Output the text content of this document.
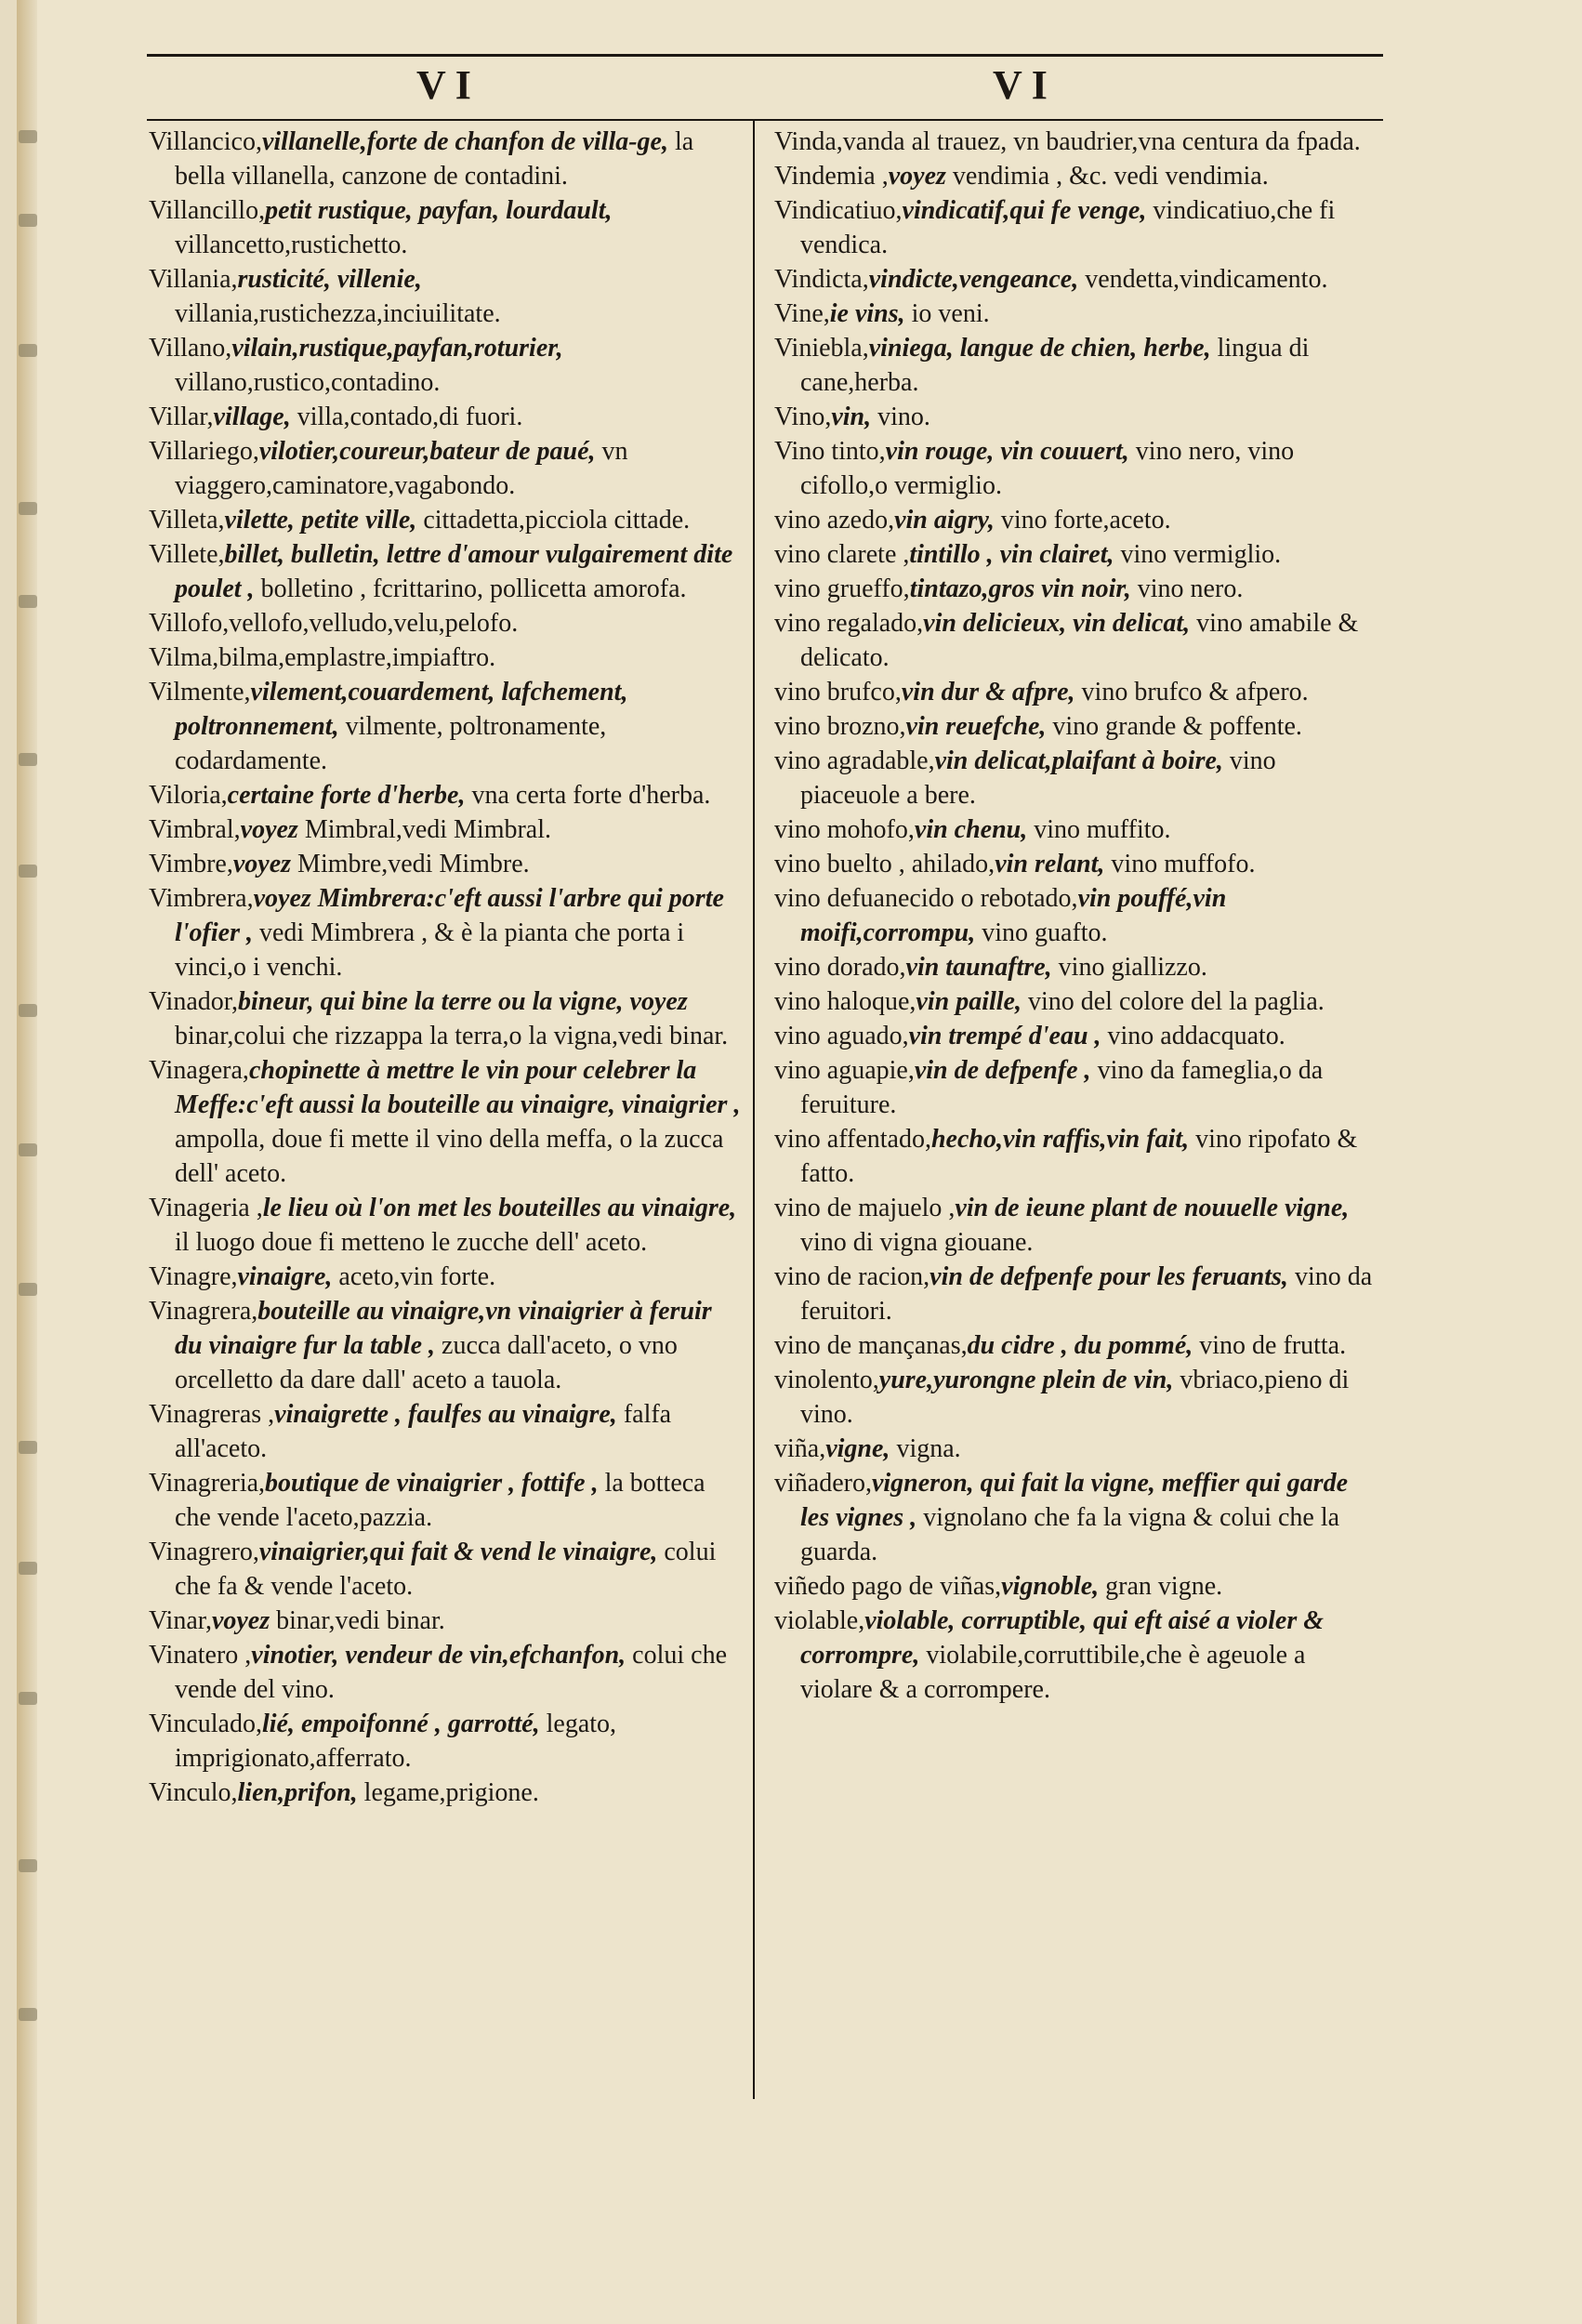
VI	VI

Villancico,villanelle,forte de chanfon de villa-ge, la bella villanella, canzone de contadini.

Villancillo,petit rustique, payfan, lourdault, villancetto,rustichetto.

Villania,rusticité, villenie, villania,rustichezza,inciuilitate.

Villano,vilain,rustique,payfan,roturier, villano,rustico,contadino.

Villar,village, villa,contado,di fuori.

Villariego,vilotier,coureur,bateur de paué, vn viaggero,caminatore,vagabondo.

Villeta,vilette, petite ville, cittadetta,picciola cittade.

Villete,billet, bulletin, lettre d'amour vulgairement dite poulet , bolletino , fcrittarino, pollicetta amorofa.

Villofo,vellofo,velludo,velu,pelofo.

Vilma,bilma,emplastre,impiaftro.

Vilmente,vilement,couardement, lafchement, poltronnement, vilmente, poltronamente, codardamente.

Viloria,certaine forte d'herbe, vna certa forte d'herba.

Vimbral,voyez Mimbral,vedi Mimbral.

Vimbre,voyez Mimbre,vedi Mimbre.

Vimbrera,voyez Mimbrera:c'eft aussi l'arbre qui porte l'ofier , vedi Mimbrera , & è la pianta che porta i vinci,o i venchi.

Vinador,bineur, qui bine la terre ou la vigne, voyez binar,colui che rizzappa la terra,o la vigna,vedi binar.

Vinagera,chopinette à mettre le vin pour celebrer la Meffe:c'eft aussi la bouteille au vinaigre, vinaigrier , ampolla, doue fi mette il vino della meffa, o la zucca dell' aceto.

Vinageria ,le lieu où l'on met les bouteilles au vinaigre, il luogo doue fi metteno le zucche dell' aceto.

Vinagre,vinaigre, aceto,vin forte.

Vinagrera,bouteille au vinaigre,vn vinaigrier à feruir du vinaigre fur la table , zucca dall'aceto, o vno orcelletto da dare dall' aceto a tauola.

Vinagreras ,vinaigrette , faulfes au vinaigre, falfa all'aceto.

Vinagreria,boutique de vinaigrier , fottife , la botteca che vende l'aceto,pazzia.

Vinagrero,vinaigrier,qui fait & vend le vinaigre, colui che fa & vende l'aceto.

Vinar,voyez binar,vedi binar.

Vinatero ,vinotier, vendeur de vin,efchanfon, colui che vende del vino.

Vinculado,lié, empoifonné , garrotté, legato, imprigionato,afferrato.

Vinculo,lien,prifon, legame,prigione.

Vinda,vanda al trauez, vn baudrier,vna centura da fpada.

Vindemia ,voyez vendimia , &c. vedi vendimia.

Vindicatiuo,vindicatif,qui fe venge, vindicatiuo,che fi vendica.

Vindicta,vindicte,vengeance, vendetta,vindicamento.

Vine,ie vins, io veni.

Viniebla,viniega, langue de chien, herbe, lingua di cane,herba.

Vino,vin, vino.

Vino tinto,vin rouge, vin couuert, vino nero, vino cifollo,o vermiglio.

vino azedo,vin aigry, vino forte,aceto.

vino clarete ,tintillo , vin clairet, vino vermiglio.

vino grueffo,tintazo,gros vin noir, vino nero.

vino regalado,vin delicieux, vin delicat, vino amabile & delicato.

vino brufco,vin dur & afpre, vino brufco & afpero.

vino brozno,vin reuefche, vino grande & poffente.

vino agradable,vin delicat,plaifant à boire, vino piaceuole a bere.

vino mohofo,vin chenu, vino muffito.

vino buelto , ahilado,vin relant, vino muffofo.

vino defuanecido o rebotado,vin pouffé,vin moifi,corrompu, vino guafto.

vino dorado,vin taunaftre, vino giallizzo.

vino haloque,vin paille, vino del colore del la paglia.

vino aguado,vin trempé d'eau , vino addacquato.

vino aguapie,vin de defpenfe , vino da fameglia,o da feruiture.

vino affentado,hecho,vin raffis,vin fait, vino ripofato & fatto.

vino de majuelo ,vin de ieune plant de nouuelle vigne, vino di vigna giouane.

vino de racion,vin de defpenfe pour les feruants, vino da feruitori.

vino de mançanas,du cidre , du pommé, vino de frutta.

vinolento,yure,yurongne plein de vin, vbriaco,pieno di vino.

viña,vigne, vigna.

viñadero,vigneron, qui fait la vigne, meffier qui garde les vignes , vignolano che fa la vigna & colui che la guarda.

viñedo pago de viñas,vignoble, gran vigne.

violable,violable, corruptible, qui eft aisé a violer & corrompre, violabile,corruttibile,che è ageuole a violare & a corrompere.
